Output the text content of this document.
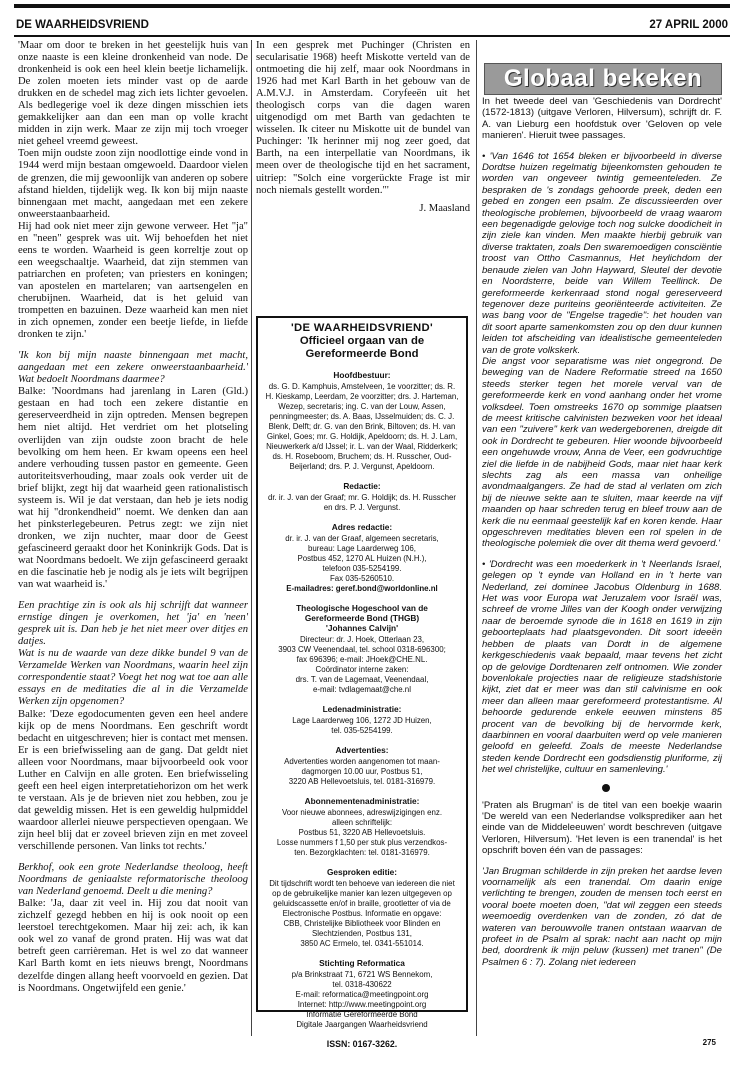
DE WAARHEIDSVRIEND	27 APRIL 2000

'Maar om door te breken in het geestelijk huis van onze naaste is een kleine dronkenheid van node. De dronkenheid is ook een heel klein beetje lichamelijk. De zolen moeten iets minder vast op de aarde drukken en de schedel mag zich iets lichter gevoelen. Als bedlegerige voel ik deze dingen misschien iets gemakkelijker aan dan een man op volle kracht midden in zijn werk. Maar ze zijn mij toch vroeger niet geheel vreemd geweest.

Toen mijn oudste zoon zijn noodlottige einde vond in 1944 werd mijn bestaan omgewoeld. Daardoor vielen de grenzen, die mij gewoonlijk van anderen op sobere afstand hielden, tijdelijk weg. Ik kon bij mijn naaste binnengaan met macht, aangedaan met een zekere onweerstaanbaarheid.

Hij had ook niet meer zijn gewone verweer. Het "ja" en "neen" gesprek was uit. Wij behoefden het niet eens te worden. Waarheid is geen korreltje zout op een weegschaaltje. Waarheid, dat zijn stemmen van patriarchen en profeten; van priesters en koningen; van apostelen en martelaren; van aartsengelen en cherubijnen. Waarheid, dat is het geluid van trompetten en bazuinen. Deze waarheid kan men niet in zich opnemen, zonder een beetje liefde, in liefde dronken te zijn.'

'Ik kon bij mijn naaste binnengaan met macht, aangedaan met een zekere onweerstaanbaarheid.' Wat bedoelt Noordmans daarmee?

Balke: 'Noordmans had jarenlang in Laren (Gld.) gestaan en had toch een zekere distantie en gereserveerdheid in zijn optreden. Mensen begrepen hem niet altijd. Het verdriet om het plotseling overlijden van zijn oudste zoon bracht de hele bevolking om hem heen. Er kwam opeens een heel andere verhouding tussen pastor en gemeente. Geen autoriteitsverhouding, maar zoals ook verder uit de brief blijkt, zegt hij dat waarheid geen rationalistisch systeem is. Wil je dat verstaan, dan heb je iets nodig wat hij "dronkendheid" noemt. We denken dan aan het pinksterlegebeuren. Petrus zegt: we zijn niet dronken, we zijn nuchter, maar door de Geest gefascineerd geraakt door het Koninkrijk Gods. Dat is wat Noordmans bedoelt. We zijn gefascineerd geraakt en die fascinatie heb je nodig als je iets wilt begrijpen van wat waarheid is.'

Een prachtige zin is ook als hij schrijft dat wanneer ernstige dingen je overkomen, het 'ja' en 'neen' gesprek uit is. Dan heb je het niet meer over ditjes en datjes.
Wat is nu de waarde van deze dikke bundel 9 van de Verzamelde Werken van Noordmans, waarin heel zijn correspondentie staat? Voegt het nog wat toe aan alle essays en de meditaties die al in die Verzamelde Werken zijn opgenomen?

Balke: 'Deze egodocumenten geven een heel andere kijk op de mens Noordmans. Een geschrift wordt bedacht en uitgeschreven; hier is contact met mensen. Er is een briefwisseling aan de gang. Dat geldt niet alleen voor Noordmans, maar bijvoorbeeld ook voor Luther en Calvijn en alle groten. Een briefwisseling geeft een heel eigen interpretatiehorizon om het werk te verstaan. Als je de brieven niet zou hebben, zou je dat geweldig missen. Het is een geweldig hulpmiddel waardoor allerlei nieuwe perspectieven opengaan. We zijn heel blij dat er zoveel brieven zijn en met zoveel verschillende personen. Van links tot rechts.'

Berkhof, ook een grote Nederlandse theoloog, heeft Noordmans de geniaalste reformatorische theoloog van Nederland genoemd. Deelt u die mening?

Balke: 'Ja, daar zit veel in. Hij zou dat nooit van zichzelf gezegd hebben en hij is ook nooit op een leerstoel terechtgekomen. Maar hij zei: ach, ik kan ook wel zo vanaf de grond praten. Hij was wat dat betreft geen carrièreman. Het is wel zo dat wanneer Karl Barth komt en iets nieuws brengt, Noordmans dezelfde dingen allang heeft voorvoeld en gezien. Dat is Noordmans. Ongetwijfeld een genie.'

In een gesprek met Puchinger (Christen en secularisatie 1968) heeft Miskotte verteld van de ontmoeting die hij zelf, maar ook Noordmans in 1926 had met Karl Barth in het gebouw van de A.M.V.J. in Amsterdam. Coryfeeën uit het theologisch corps van die dagen waren uitgenodigd om met Barth van gedachten te wisselen. Ik citeer nu Miskotte uit de bundel van Puchinger: 'Ik herinner mij nog zeer goed, dat Barth, na een interpellatie van Noordmans, ik meen over de theologische tijd en het sacrament, uitriep: "Solch eine vorgerückte Frage ist mir noch niemals gestellt worden."'

J. Maasland

'DE WAARHEIDSVRIEND'
Officieel orgaan van de
Gereformeerde Bond
Hoofdbestuur:
ds. G. D. Kamphuis, Amstelveen, 1e voorzitter; ds. R. H. Kieskamp, Leerdam, 2e voorzitter; drs. J. Harteman, Wezep, secretaris; ing. C. van der Louw, Assen, penningmeester; ds. A. Baas, IJsselmuiden; ds. C. J. Blenk, Delft; dr. G. van den Brink, Biltoven; ds. H. van Ginkel, Goes; mr. G. Holdijk, Apeldoorn; ds. H. J. Lam, Nieuwerkerk a/d IJssel; ir. L. van der Waal, Ridderkerk; ds. H. Roseboom, Bruchem; ds. H. Russcher, Oud-Beijerland; drs. P. J. Vergunst, Apeldoorn.
Redactie:
dr. ir. J. van der Graaf; mr. G. Holdijk; ds. H. Russcher en drs. P. J. Vergunst.
Adres redactie:
dr. ir. J. van der Graaf, algemeen secretaris,
bureau: Lage Laarderweg 106,
Postbus 452, 1270 AL Huizen (N.H.),
telefoon 035-5254199.
Fax 035-5260510.
E-mailadres: geref.bond@worldonline.nl
Theologische Hogeschool van de
Gereformeerde Bond (THGB)
'Johannes Calvijn'
Directeur: dr. J. Hoek, Otterlaan 23,
3903 CW Veenendaal, tel. school 0318-696300;
fax 696396; e-mail: JHoek@CHE.NL.
Coördinator interne zaken:
drs. T. van de Lagemaat, Veenendaal,
e-mail: tvdlagemaat@che.nl
Ledenadministratie:
Lage Laarderweg 106, 1272 JD Huizen,
tel. 035-5254199.
Advertenties:
Advertenties worden aangenomen tot maan-
dagmorgen 10.00 uur, Postbus 51,
3220 AB Hellevoetsluis, tel. 0181-316979.
Abonnementenadministratie:
Voor nieuwe abonnees, adreswijzigingen enz.
alleen schriftelijk:
Postbus 51, 3220 AB Hellevoetsluis.
Losse nummers f 1,50 per stuk plus verzendkos-
ten. Bezorgklachten: tel. 0181-316979.
Gesproken editie:
Dit tijdschrift wordt ten behoeve van iedereen die niet op de gebruikelijke manier kan lezen uitgegeven op geluidscassette en/of in braille, grootletter of via de Electronische Postbus. Informatie en opgave:
CBB, Christelijke Bibliotheek voor Blinden en
Slechtzienden, Postbus 131,
3850 AC Ermelo, tel. 0341-551014.
Stichting Reformatica
p/a Brinkstraat 71, 6721 WS Bennekom,
tel. 0318-430622
E-mail: reformatica@meetingpoint.org
Internet: http://www.meetingpoint.org
Informatie Gereformeerde Bond
Digitale Jaargangen Waarheidsvriend
ISSN: 0167-3262.
Globaal bekeken

In het tweede deel van 'Geschiedenis van Dordrecht' (1572-1813) (uitgave Verloren, Hilversum), schrijft dr. F. A. van Lieburg een hoofdstuk over 'Geloven op vele manieren'. Hieruit twee passages.

• 'Van 1646 tot 1654 bleken er bijvoorbeeld in diverse Dordtse huizen regelmatig bijeenkomsten gehouden te worden van ongeveer twintig gemeenteleden. Ze bespraken de 's zondags gehoorde preek, deden een gebed en zongen een psalm. Ze discussieerden over theologische problemen, bijvoorbeeld de vraag waarom een begenadigde gelovige toch nog sulcke doodicheit in zijn ziele kan vinden. Men maakte hierbij gebruik van diverse traktaten, zoals Den swaremoedigen consciëntie troost van Ottho Casmannus, Het heylichdom der benaude zielen van John Hayward, Sleutel der devotie en Noordsterre, beide van Willem Teellinck. De gereformeerde kerkenraad stond nogal gereserveerd tegenover deze puriteins georiënteerde activiteiten. Ze was bang voor de "Engelse tragedie": het houden van dit soort aparte samenkomsten zou op den duur kunnen leiden tot afscheiding van idealistische gemeenteleden van de grote volkskerk.

Die angst voor separatisme was niet ongegrond. De beweging van de Nadere Reformatie streed na 1650 steeds sterker tegen het morele verval van de gereformeerde kerk en vond aanhang onder het vrome volksdeel. Toen omstreeks 1670 op sommige plaatsen de meest kritische calvinisten bezweken voor het ideaal van een "zuivere" kerk van wedergeborenen, dreigde dit ook in Dordrecht te gebeuren. Hier woonde bijvoorbeeld een ongehuwde vrouw, Anna de Veer, een godvruchtige ziel die liefde in de nabijheid Gods, maar niet haar kerk slechts zag als een massa van onheilige avondmaalgangers. Ze had de stad al verlaten om zich bij de nieuwe sekte aan te sluiten, maar keerde na vijf maanden op haar schreden terug en bleef trouw aan de kerk die nu eenmaal geestelijk kaf en koren kende. Haar opgeschreven meditaties bleven een rol spelen in de theologische polemiek die over dit thema werd gevoerd.'

• 'Dordrecht was een moederkerk in 't Neerlands Israel, gelegen op 't eynde van Holland en in 't herte van Nederland, zei dominee Jacobus Oldenburg in 1688. Het was voor Europa wat Jeruzalem voor Israël was, schreef de vrome Jilles van der Koogh onder verwijzing naar de beroemde synode die in 1618 en 1619 in zijn geboorteplaats had plaatsgevonden. Dit soort ideeën hebben de plaats van Dordt in de algemene kerkgeschiedenis vaak bepaald, maar tevens het zicht op de gelovige Dordtenaren zelf ontnomen. Wie zonder bovenlokale projecties naar de religieuze stadshistorie kijkt, ziet dat er meer was dan stil calvinisme en ook meer dan alleen maar gereformeerd protestantisme. Al behoorde gedurende enkele eeuwen minstens 85 procent van de bevolking bij de hervormde kerk, daarbinnen en vooral daarbuiten werd op vele manieren geloofd en geleefd. Zoals de meeste Nederlandse steden kende Dordrecht een godsdienstig pluriforme, zij het wel christelijke, cultuur en samenleving.'

'Praten als Brugman' is de titel van een boekje waarin 'De wereld van een Nederlandse volksprediker aan het einde van de Middeleeuwen' wordt beschreven (uitgave Verloren, Hilversum). 'Het leven is een tranendal' is het opschrift boven één van de passages:

'Jan Brugman schilderde in zijn preken het aardse leven voornamelijk als een tranendal. Om daarin enige verlichting te brengen, zouden de mensen toch eerst en vooral boete moeten doen, "dat wil zeggen een steeds weemoedig overdenken van de zonden, zó dat de wateren van berouwvolle tranen ontstaan waarvan de profeet in de Psalm al sprak: nacht aan nacht op mijn bed, doordrenk ik mijn peluw (kussen) met tranen" (De Psalmen 6 : 7). Zolang niet iedereen

275
